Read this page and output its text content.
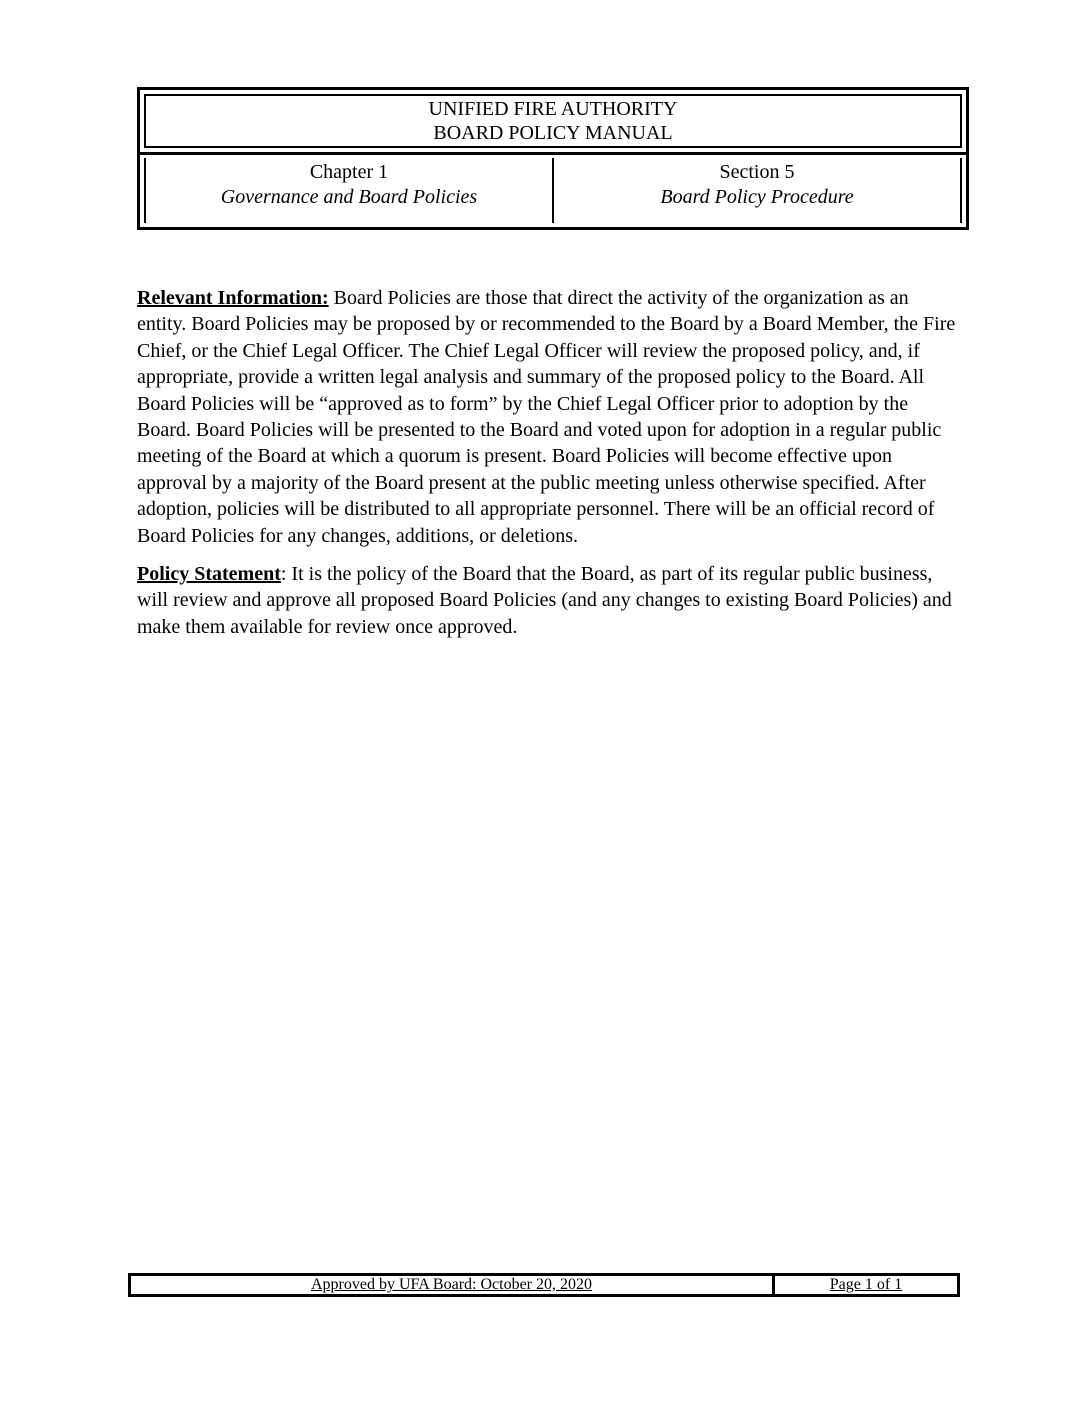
UNIFIED FIRE AUTHORITY
BOARD POLICY MANUAL
Chapter 1
Governance and Board Policies
Section 5
Board Policy Procedure

Relevant Information: Board Policies are those that direct the activity of the organization as an entity. Board Policies may be proposed by or recommended to the Board by a Board Member, the Fire Chief, or the Chief Legal Officer. The Chief Legal Officer will review the proposed policy, and, if appropriate, provide a written legal analysis and summary of the proposed policy to the Board. All Board Policies will be “approved as to form” by the Chief Legal Officer prior to adoption by the Board. Board Policies will be presented to the Board and voted upon for adoption in a regular public meeting of the Board at which a quorum is present. Board Policies will become effective upon approval by a majority of the Board present at the public meeting unless otherwise specified. After adoption, policies will be distributed to all appropriate personnel. There will be an official record of Board Policies for any changes, additions, or deletions.

Policy Statement: It is the policy of the Board that the Board, as part of its regular public business, will review and approve all proposed Board Policies (and any changes to existing Board Policies) and make them available for review once approved.

Approved by UFA Board: October 20, 2020	Page 1 of 1
